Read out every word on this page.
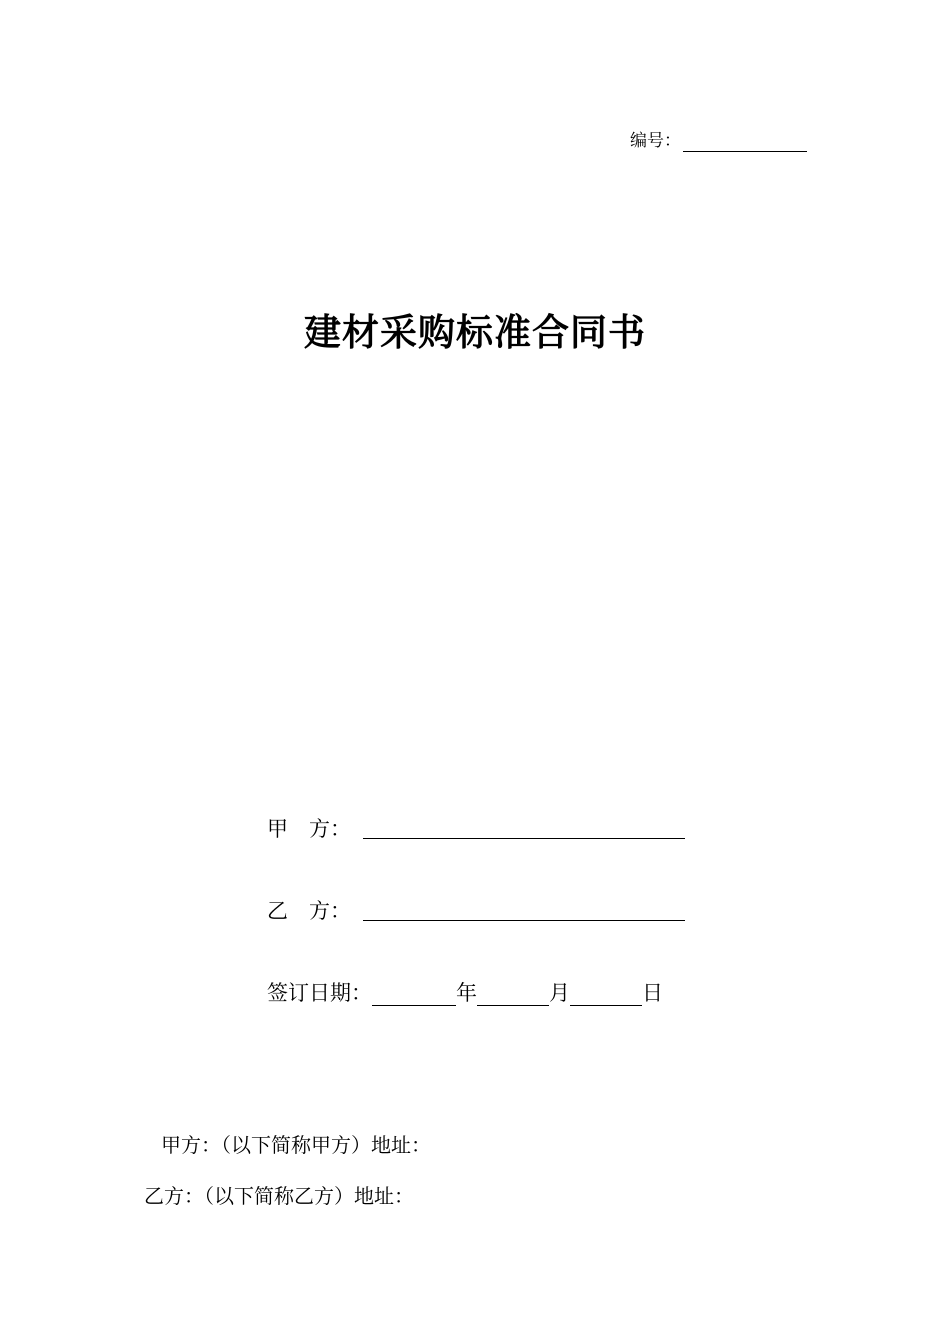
编号：
建材采购标准合同书
甲　方：
乙　方：
签订日期：	年	月	日
甲方：（以下简称甲方）地址：
乙方：（以下简称乙方）地址：
